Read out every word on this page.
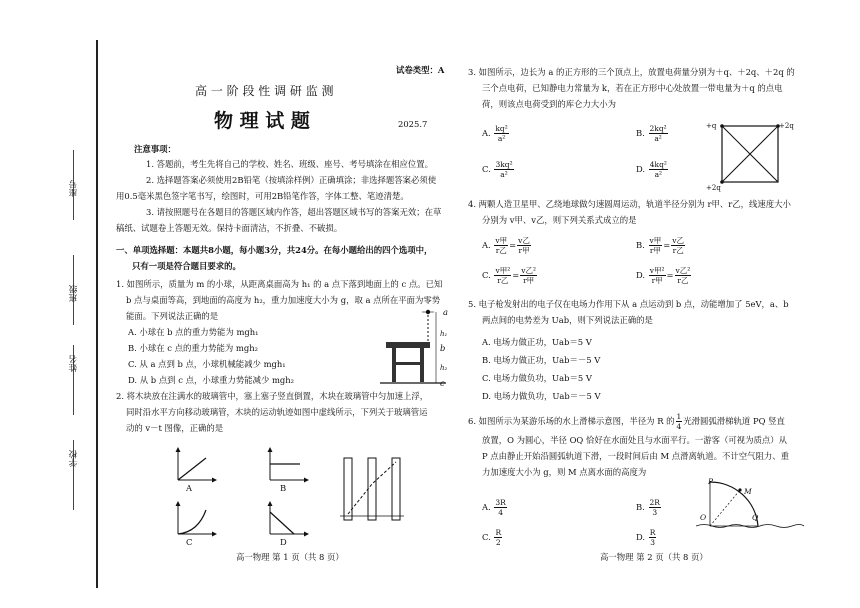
座号
班级
姓名
学校
试卷类型：A
高 一 阶 段 性 调 研 监 测
物 理 试 题	2025.7
注意事项：
1. 答题前，考生先将自己的学校、姓名、班级、座号、考号填涂在相应位置。
2. 选择题答案必须使用2B铅笔（按填涂样例）正确填涂；非选择题答案必须使
用0.5毫米黑色签字笔书写，绘图时，可用2B铅笔作答，字体工整、笔迹清楚。
3. 请按照题号在各题目的答题区域内作答，超出答题区域书写的答案无效；在草
稿纸、试题卷上答题无效。保持卡面清洁，不折叠、不破损。
一、单项选择题：本题共8小题，每小题3分，共24分。在每小题给出的四个选项中，
只有一项是符合题目要求的。
1. 如图所示，质量为 m 的小球，从距离桌面高为 h₁ 的 a 点下落到地面上的 c 点。已知
b 点与桌面等高，到地面的高度为 h₂，重力加速度大小为 g，取 a 点所在平面为零势
能面。下列说法正确的是
A. 小球在 b 点的重力势能为 mgh₁
B. 小球在 c 点的重力势能为 mgh₂
C. 从 a 点到 b 点，小球机械能减少 mgh₁
D. 从 b 点到 c 点，小球重力势能减少 mgh₂
a
h₁
b
h₂
c
2. 将木块放在注满水的玻璃管中，塞上塞子竖直倒置，木块在玻璃管中匀加速上浮，
同时沿水平方向移动玻璃管，木块的运动轨迹如图中虚线所示，下列关于玻璃管运
动的 v－t 图像，正确的是
A	B
C	D
高一物理 第 1 页（共 8 页）
3. 如图所示，边长为 a 的正方形的三个顶点上，放置电荷量分别为＋q、＋2q、＋2q 的
三个点电荷，已知静电力常量为 k，若在正方形中心处放置一带电量为＋q 的点电
荷，则该点电荷受到的库仑力大小为
A. $\frac{\text{kq²}}{\text{a²}}$	B. $\frac{\text{2kq²}}{\text{a²}}$
C. $\frac{\text{3kq²}}{\text{a²}}$	D. $\frac{\text{4kq²}}{\text{a²}}$
+q	+2q
+2q
4. 两颗人造卫星甲、乙绕地球做匀速圆周运动，轨道半径分别为 r甲、r乙，线速度大小
分别为 v甲、v乙，则下列关系式成立的是
A. $\frac{\text{v甲}}{\text{r乙}} = \frac{\text{v乙}}{\text{r甲}}$	B. $\frac{\text{v甲}}{\text{r甲}} = \frac{\text{v乙}}{\text{r乙}}$
C. $\frac{\text{v甲²}}{\text{r乙}} = \frac{\text{v乙²}}{\text{r甲}}$	D. $\frac{\text{v甲²}}{\text{r甲}} = \frac{\text{v乙²}}{\text{r乙}}$
5. 电子枪发射出的电子仅在电场力作用下从 a 点运动到 b 点，动能增加了 5eV，a、b
两点间的电势差为 Uab，则下列说法正确的是
A. 电场力做正功，Uab＝5 V
B. 电场力做正功，Uab＝－5 V
C. 电场力做负功，Uab＝5 V
D. 电场力做负功，Uab＝－5 V
6. 如图所示为某游乐场的水上滑梯示意图，半径为 R 的 $\frac{1}{4}$ 光滑圆弧滑梯轨道 PQ 竖直
放置，O 为圆心，半径 OQ 恰好在水面处且与水面平行。一游客（可视为质点）从
P 点由静止开始沿圆弧轨道下滑，一段时间后由 M 点滑离轨道。不计空气阻力、重
力加速度大小为 g，则 M 点离水面的高度为
A. $\frac{3R}{4}$	B. $\frac{2R}{3}$
C. $\frac{R}{2}$	D. $\frac{R}{3}$
P
M
O	Q
高一物理 第 2 页（共 8 页）
